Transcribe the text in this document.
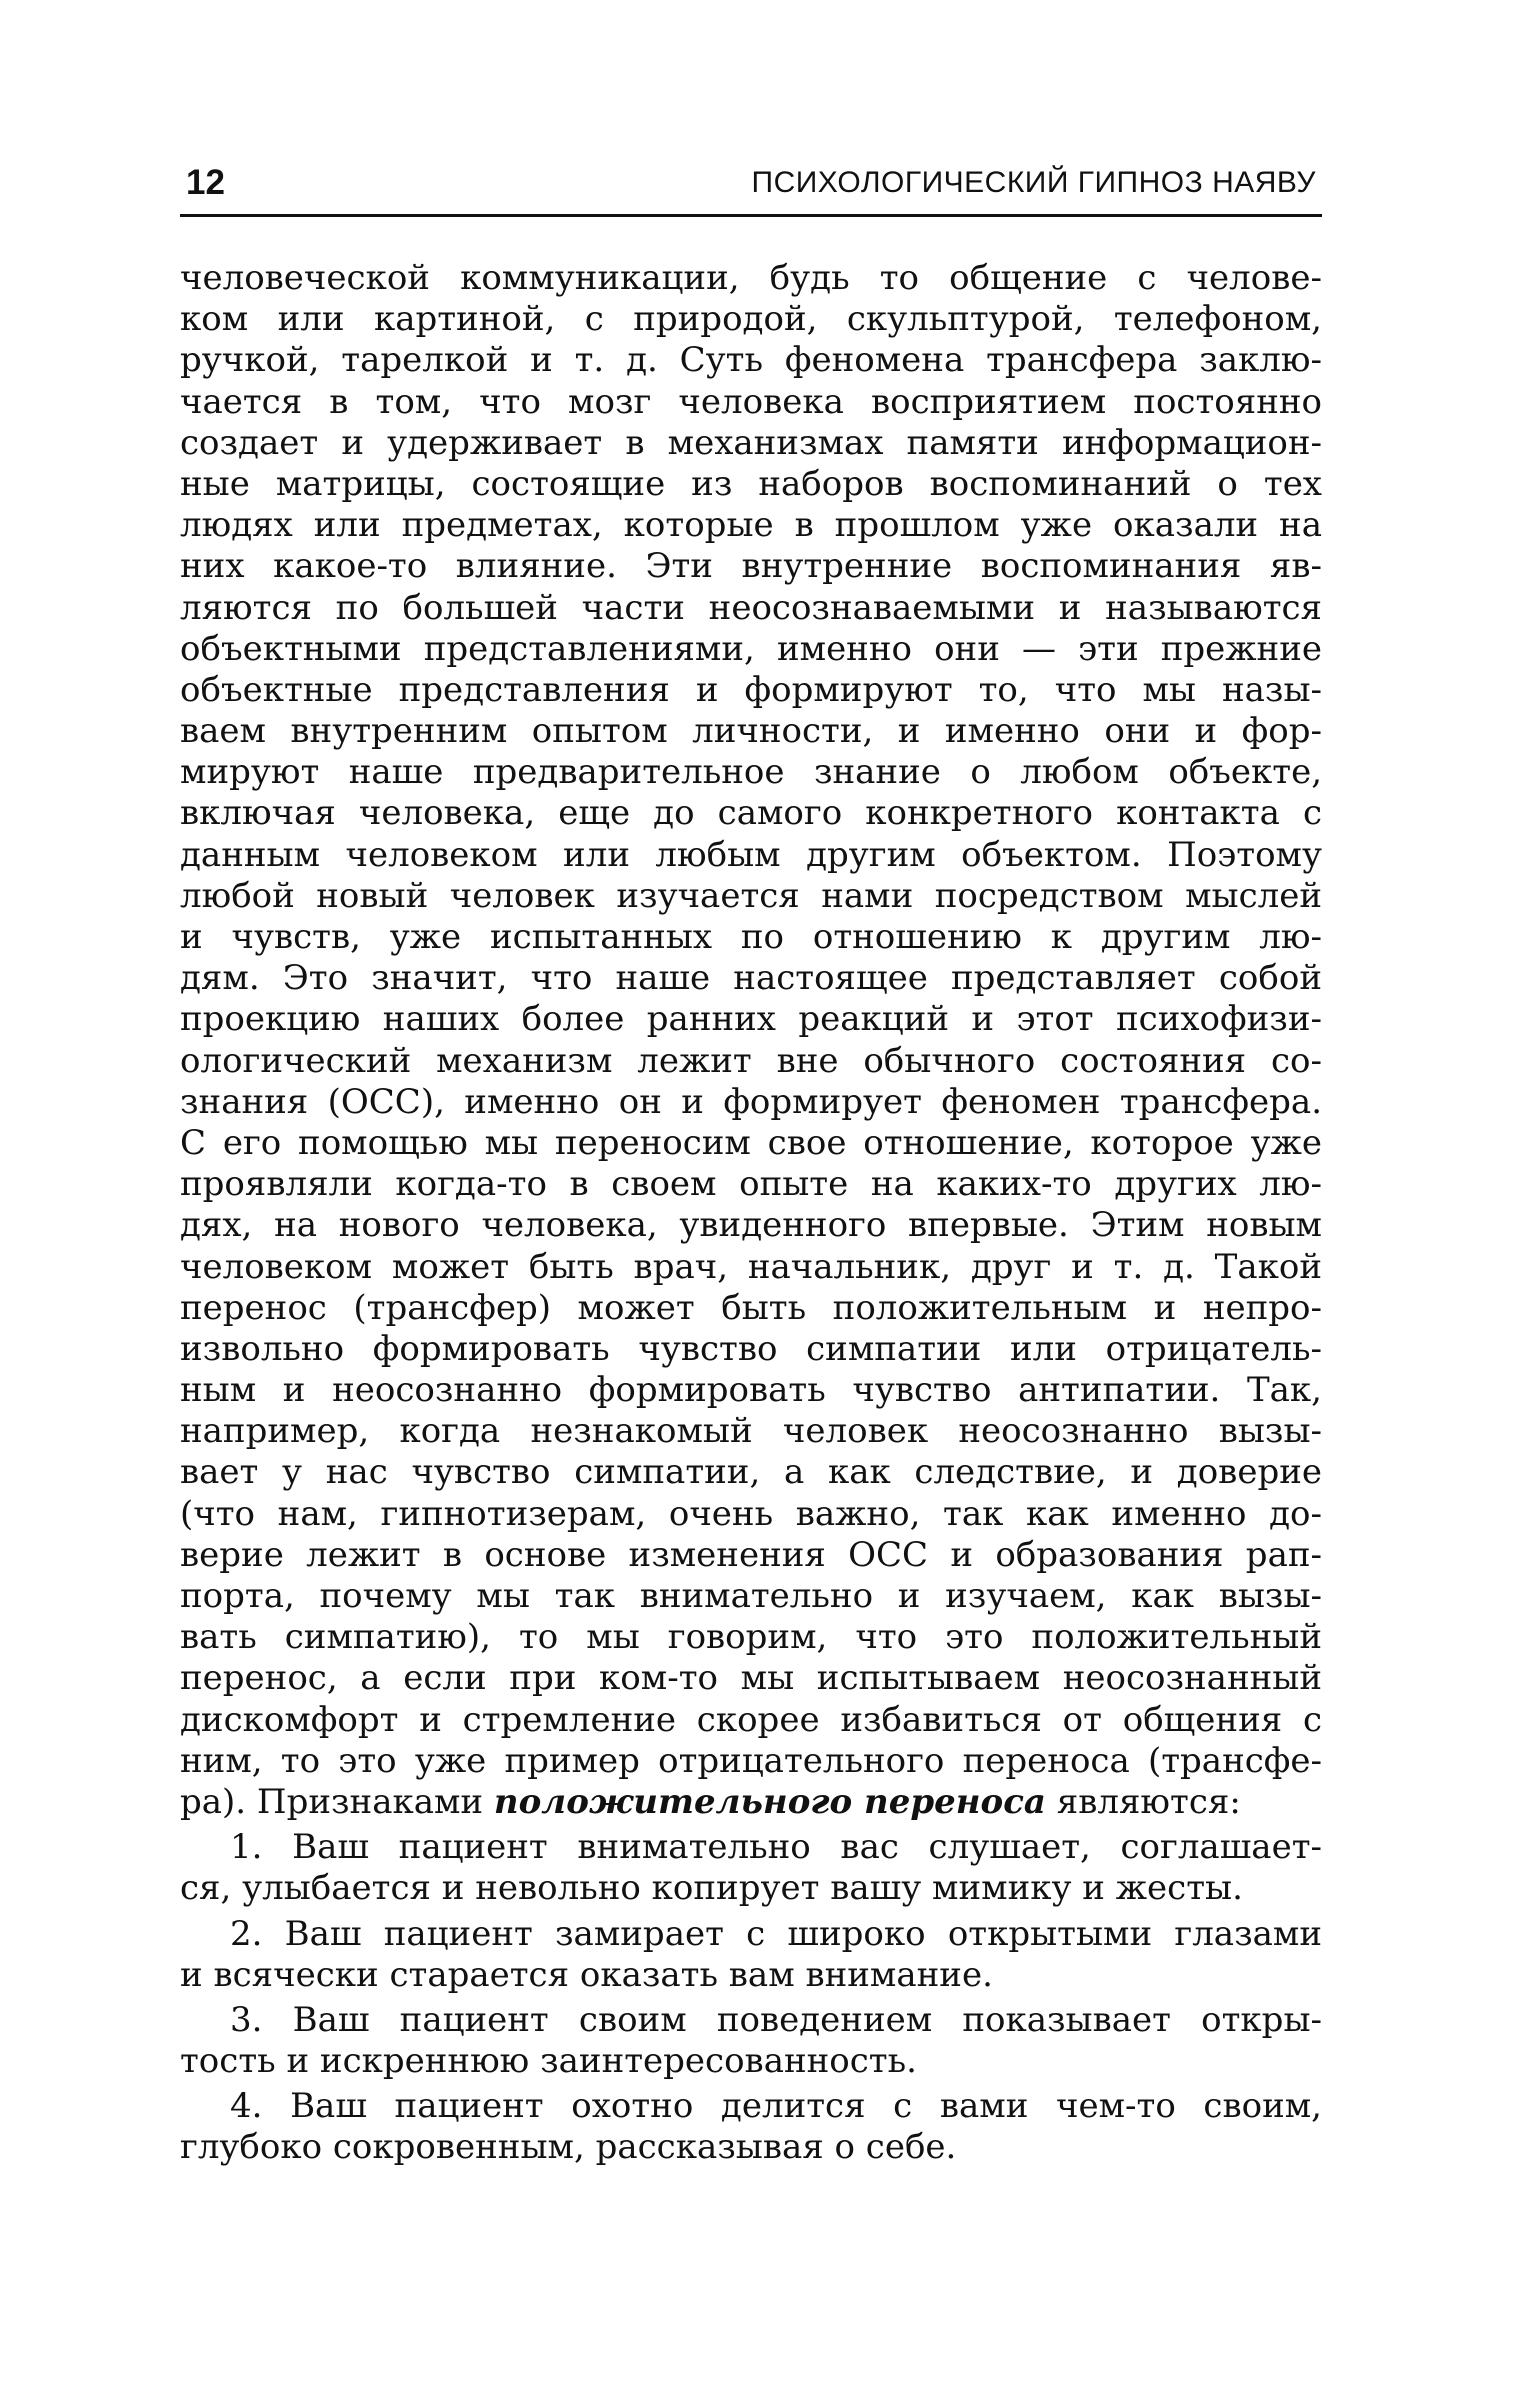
12	ПСИХОЛОГИЧЕСКИЙ ГИПНОЗ НАЯВУ
человеческой коммуникации, будь то общение с челове-
ком или картиной, с природой, скульптурой, телефоном,
ручкой, тарелкой и т. д. Суть феномена трансфера заклю-
чается в том, что мозг человека восприятием постоянно
создает и удерживает в механизмах памяти информацион-
ные матрицы, состоящие из наборов воспоминаний о тех
людях или предметах, которые в прошлом уже оказали на
них какое-то влияние. Эти внутренние воспоминания яв-
ляются по большей части неосознаваемыми и называются
объектными представлениями, именно они — эти прежние
объектные представления и формируют то, что мы назы-
ваем внутренним опытом личности, и именно они и фор-
мируют наше предварительное знание о любом объекте,
включая человека, еще до самого конкретного контакта с
данным человеком или любым другим объектом. Поэтому
любой новый человек изучается нами посредством мыслей
и чувств, уже испытанных по отношению к другим лю-
дям. Это значит, что наше настоящее представляет собой
проекцию наших более ранних реакций и этот психофизи-
ологический механизм лежит вне обычного состояния со-
знания (ОСС), именно он и формирует феномен трансфера.
С его помощью мы переносим свое отношение, которое уже
проявляли когда-то в своем опыте на каких-то других лю-
дях, на нового человека, увиденного впервые. Этим новым
человеком может быть врач, начальник, друг и т. д. Такой
перенос (трансфер) может быть положительным и непро-
извольно формировать чувство симпатии или отрицатель-
ным и неосознанно формировать чувство антипатии. Так,
например, когда незнакомый человек неосознанно вызы-
вает у нас чувство симпатии, а как следствие, и доверие
(что нам, гипнотизерам, очень важно, так как именно до-
верие лежит в основе изменения ОСС и образования рап-
порта, почему мы так внимательно и изучаем, как вызы-
вать симпатию), то мы говорим, что это положительный
перенос, а если при ком-то мы испытываем неосознанный
дискомфорт и стремление скорее избавиться от общения с
ним, то это уже пример отрицательного переноса (трансфе-
ра). Признаками положительного переноса являются:
1. Ваш пациент внимательно вас слушает, соглашает-
ся, улыбается и невольно копирует вашу мимику и жесты.
2. Ваш пациент замирает с широко открытыми глазами
и всячески старается оказать вам внимание.
3. Ваш пациент своим поведением показывает откры-
тость и искреннюю заинтересованность.
4. Ваш пациент охотно делится с вами чем-то своим,
глубоко сокровенным, рассказывая о себе.
